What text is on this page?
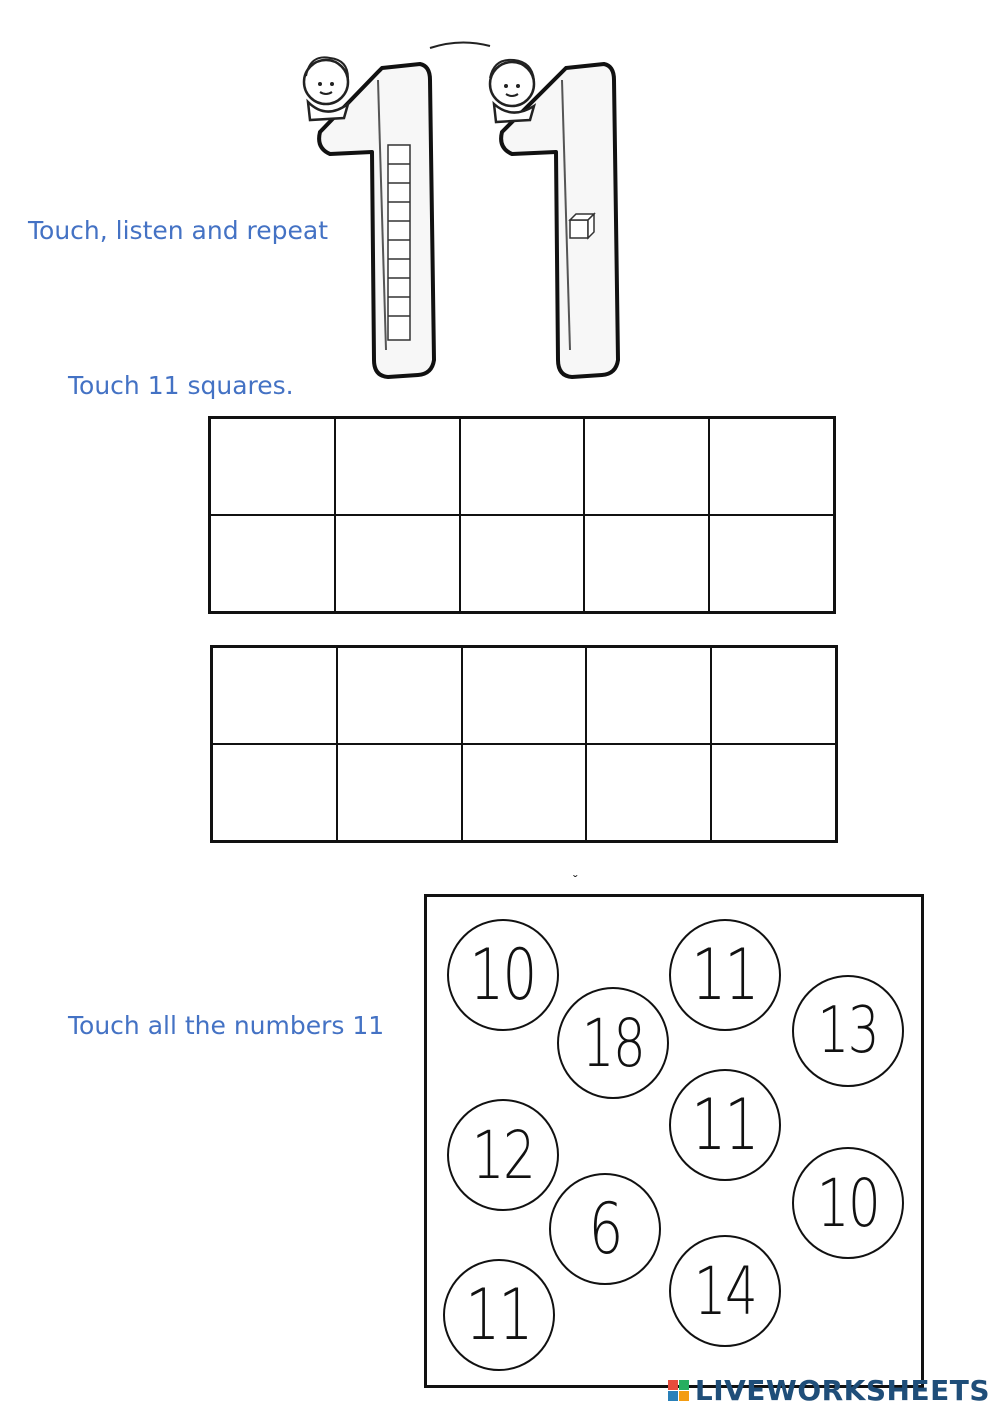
Touch, listen and repeat
Touch 11 squares.
Touch all the numbers 11
ˇ
10 11
18	13
12 11
6	10
11 14
LIVEWORKSHEETS
